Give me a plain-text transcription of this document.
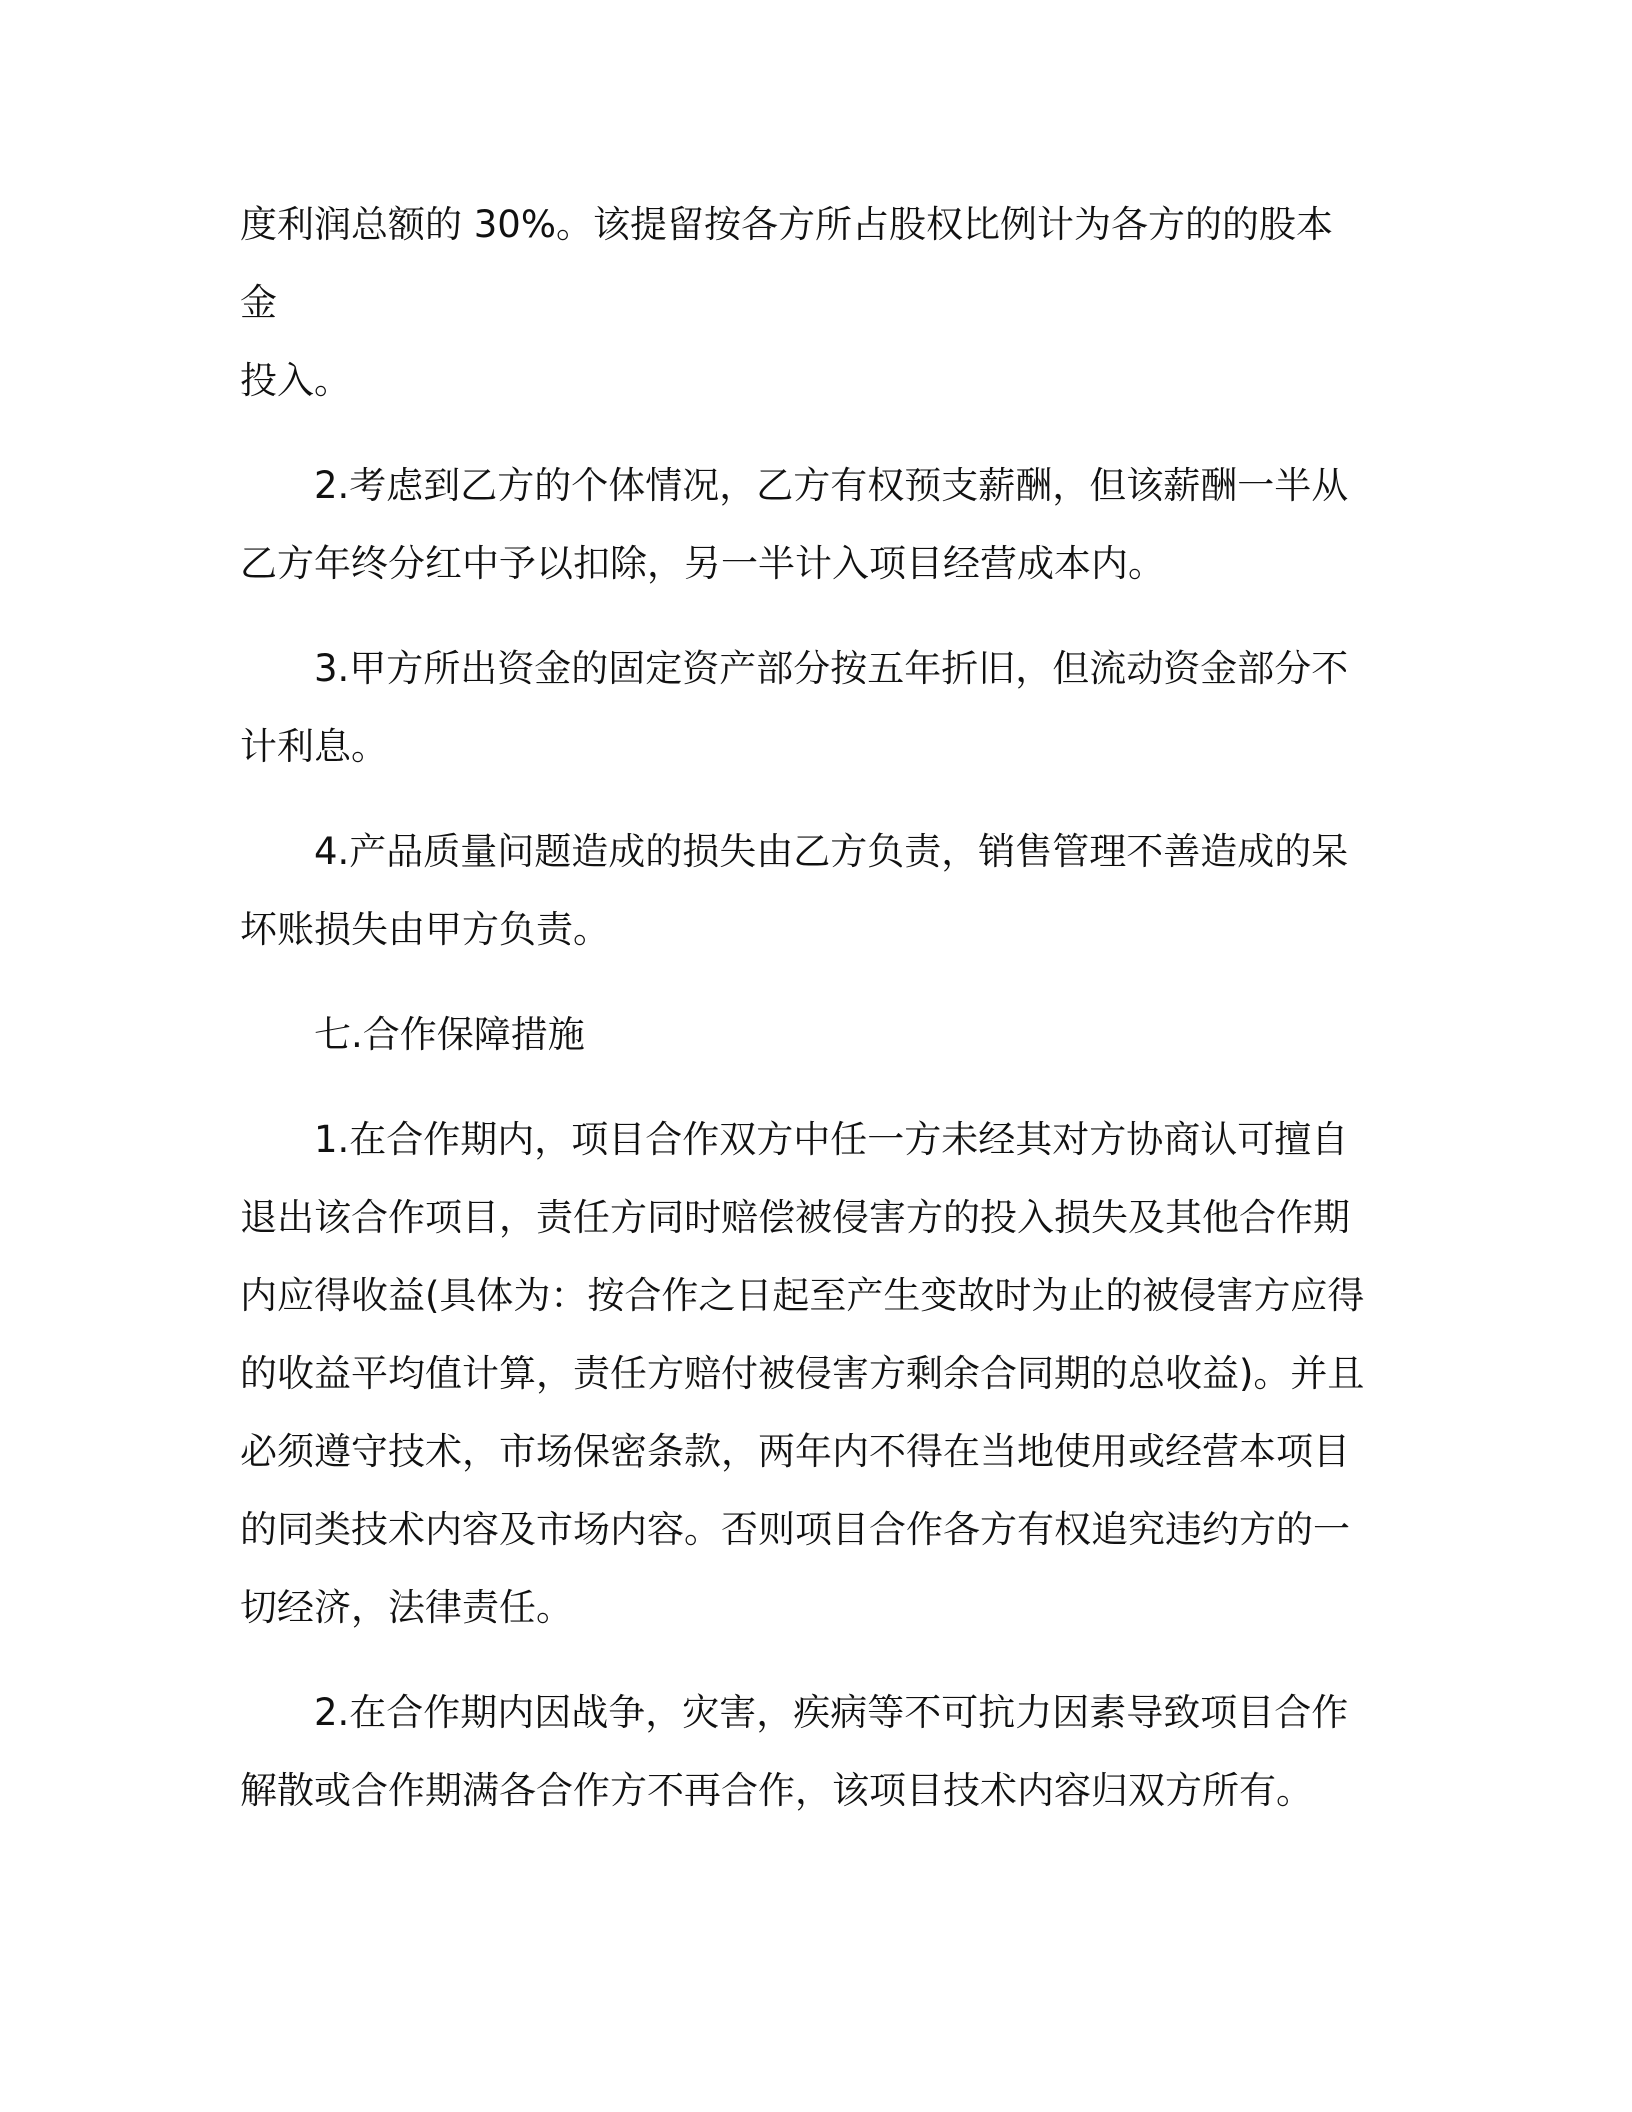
度利润总额的 30%。该提留按各方所占股权比例计为各方的的股本金
投入。

2.考虑到乙方的个体情况，乙方有权预支薪酬，但该薪酬一半从
乙方年终分红中予以扣除，另一半计入项目经营成本内。

3.甲方所出资金的固定资产部分按五年折旧，但流动资金部分不
计利息。

4.产品质量问题造成的损失由乙方负责，销售管理不善造成的呆
坏账损失由甲方负责。

七.合作保障措施

1.在合作期内，项目合作双方中任一方未经其对方协商认可擅自
退出该合作项目，责任方同时赔偿被侵害方的投入损失及其他合作期
内应得收益(具体为：按合作之日起至产生变故时为止的被侵害方应得
的收益平均值计算，责任方赔付被侵害方剩余合同期的总收益)。并且
必须遵守技术，市场保密条款，两年内不得在当地使用或经营本项目
的同类技术内容及市场内容。否则项目合作各方有权追究违约方的一
切经济，法律责任。

2.在合作期内因战争，灾害，疾病等不可抗力因素导致项目合作
解散或合作期满各合作方不再合作，该项目技术内容归双方所有。
